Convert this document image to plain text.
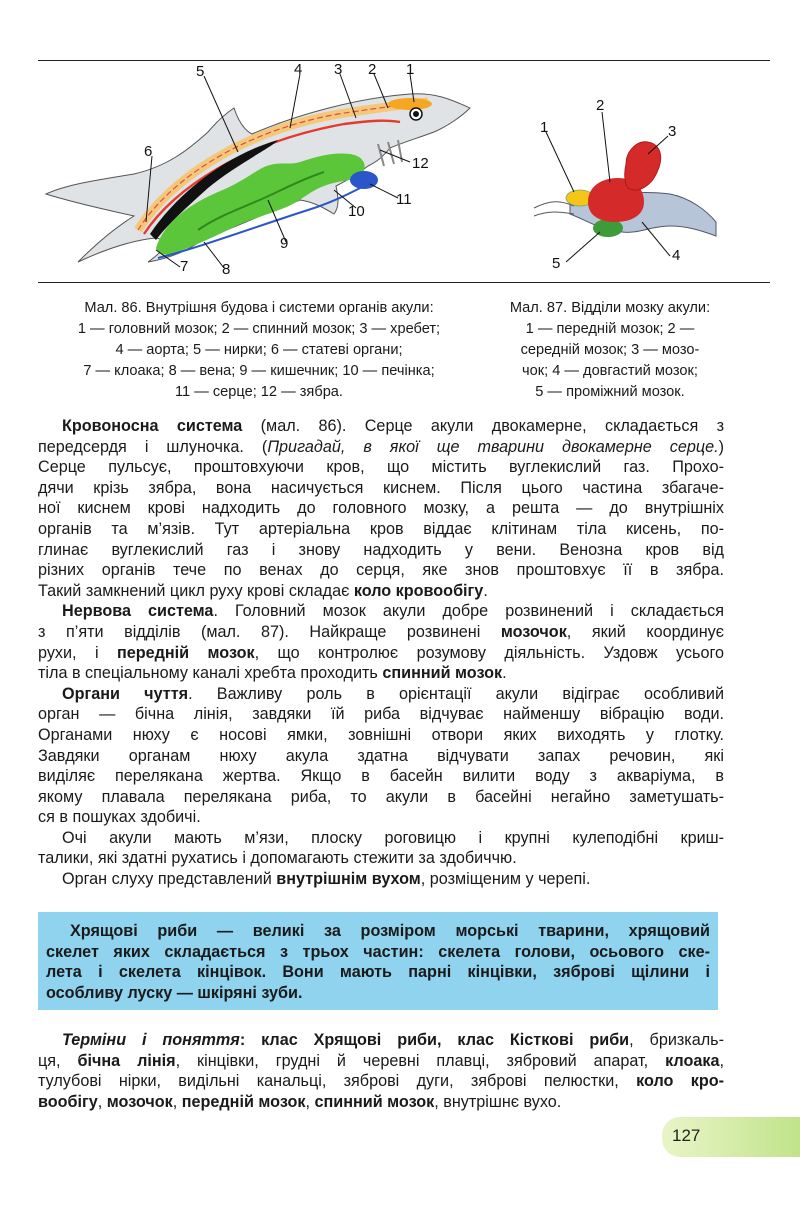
1
2
3
4
5
6
12
11
10
9
8
7
1
2
3
4
5
Мал. 86. Внутрішня будова і системи органів акули:
1 — головний мозок; 2 — спинний мозок; 3 — хребет;
4 — аорта; 5 — нирки; 6 — статеві органи;
7 — клоака; 8 — вена; 9 — кишечник; 10 — печінка;
11 — серце; 12 — зябра.
Мал. 87. Відділи мозку акули:
1 — передній мозок; 2 —
середній мозок; 3 — мозо-
чок; 4 — довгастий мозок;
5 — проміжний мозок.
Кровоносна система (мал. 86). Серце акули двокамерне, складається з
передсердя і шлуночка. (Пригадай, в якої ще тварини двокамерне серце.)
Серце пульсує, проштовхуючи кров, що містить вуглекислий газ. Прохо-
дячи крізь зябра, вона насичується киснем. Після цього частина збагаче-
ної киснем крові надходить до головного мозку, а решта — до внутрішніх
органів та м’язів. Тут артеріальна кров віддає клітинам тіла кисень, по-
глинає вуглекислий газ і знову надходить у вени. Венозна кров від
різних органів тече по венах до серця, яке знов проштовхує її в зябра.
Такий замкнений цикл руху крові складає коло кровообігу.
Нервова система. Головний мозок акули добре розвинений і складається
з п’яти відділів (мал. 87). Найкраще розвинені мозочок, який координує
рухи, і передній мозок, що контролює розумову діяльність. Уздовж усього
тіла в спеціальному каналі хребта проходить спинний мозок.
Органи чуття. Важливу роль в орієнтації акули відіграє особливий
орган — бічна лінія, завдяки їй риба відчуває найменшу вібрацію води.
Органами нюху є носові ямки, зовнішні отвори яких виходять у глотку.
Завдяки органам нюху акула здатна відчувати запах речовин, які
виділяє перелякана жертва. Якщо в басейн вилити воду з акваріума, в
якому плавала перелякана риба, то акули в басейні негайно заметушать-
ся в пошуках здобичі.
Очі акули мають м’язи, плоску роговицю і крупні кулеподібні криш-
талики, які здатні рухатись і допомагають стежити за здобиччю.
Орган слуху представлений внутрішнім вухом, розміщеним у черепі.
Хрящові риби — великі за розміром морські тварини, хрящовий
скелет яких складається з трьох частин: скелета голови, осьового ске-
лета і скелета кінцівок. Вони мають парні кінцівки, зяброві щілини і
особливу луску — шкіряні зуби.
Терміни і поняття: клас Хрящові риби, клас Кісткові риби, бризкаль-
ця, бічна лінія, кінцівки, грудні й черевні плавці, зябровий апарат, клоака,
тулубові нірки, видільні канальці, зяброві дуги, зяброві пелюстки, коло кро-
вообігу, мозочок, передній мозок, спинний мозок, внутрішнє вухо.
127
